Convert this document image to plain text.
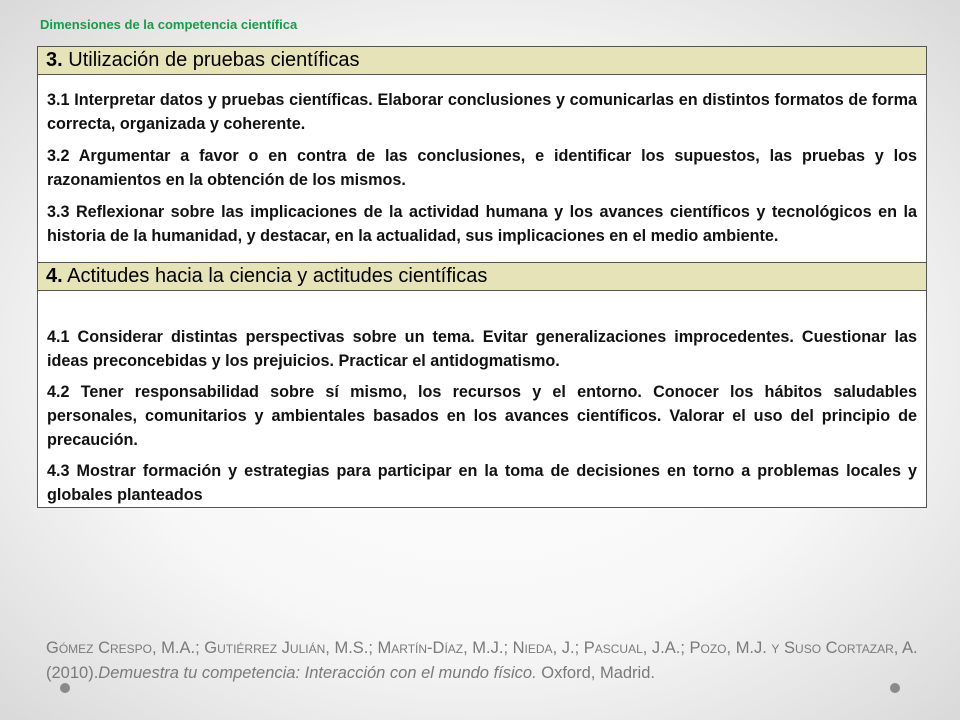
Dimensiones de la competencia científica
3. Utilización de pruebas científicas

3.1 Interpretar datos y pruebas científicas. Elaborar conclusiones y comunicarlas en distintos formatos de forma correcta, organizada y coherente.

3.2 Argumentar a favor o en contra de las conclusiones, e identificar los supuestos, las pruebas y los razonamientos en la obtención de los mismos.

3.3 Reflexionar sobre las implicaciones de la actividad humana y los avances científicos y tecnológicos en la historia de la humanidad, y destacar, en la actualidad, sus implicaciones en el medio ambiente.

4. Actitudes hacia la ciencia y actitudes científicas

4.1 Considerar distintas perspectivas sobre un tema. Evitar generalizaciones improcedentes. Cuestionar las ideas preconcebidas y los prejuicios. Practicar el antidogmatismo.

4.2 Tener responsabilidad sobre sí mismo, los recursos y el entorno. Conocer los hábitos saludables personales, comunitarios y ambientales basados en los avances científicos. Valorar el uso del principio de precaución.

4.3 Mostrar formación y estrategias para participar en la toma de decisiones en torno a problemas locales y globales planteados

Gómez Crespo, M.A.; Gutiérrez Julián, M.S.; Martín-Díaz, M.J.; Nieda, J.; Pascual, J.A.; Pozo, M.J. y Suso Cortazar, A. (2010).Demuestra tu competencia: Interacción con el mundo físico. Oxford, Madrid.
